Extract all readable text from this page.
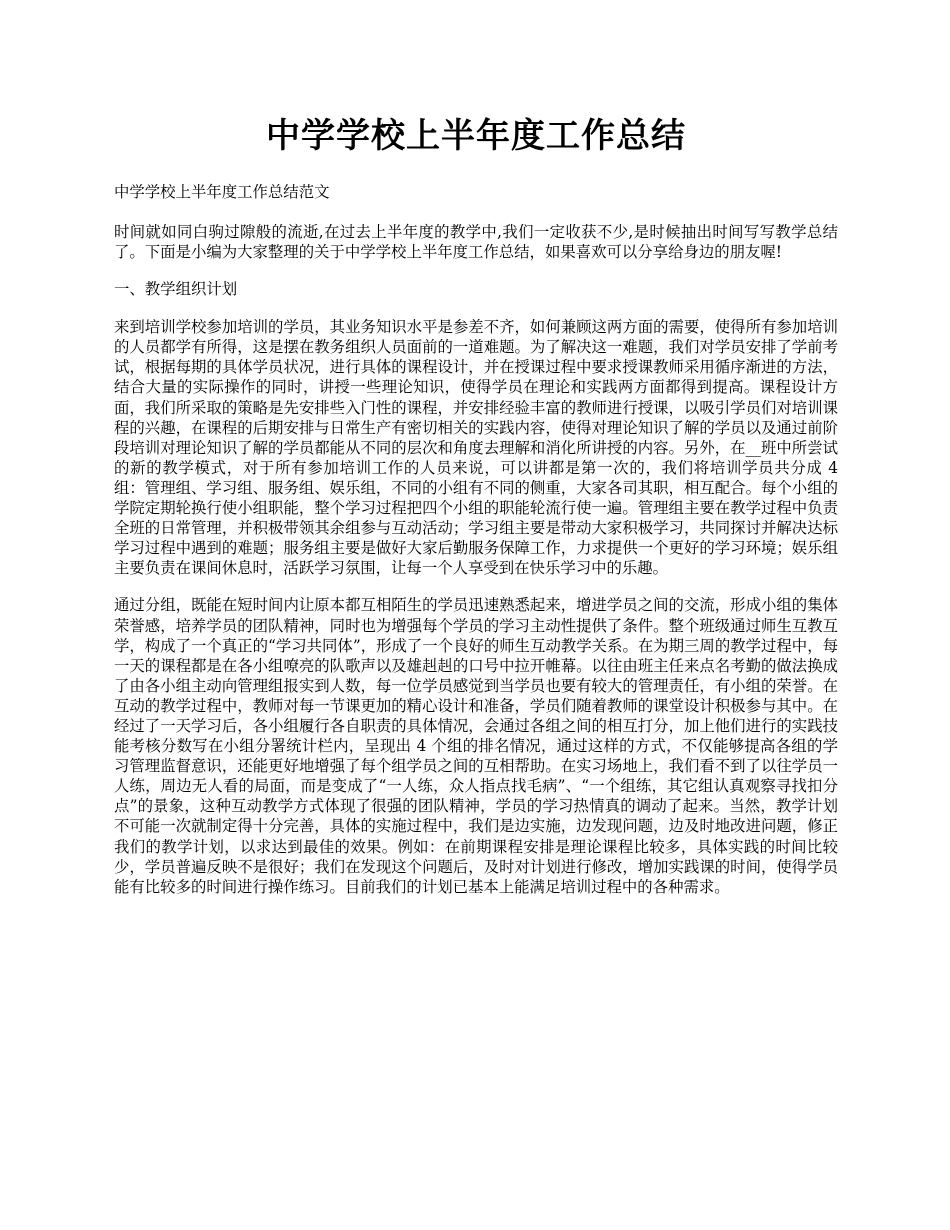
中学学校上半年度工作总结

中学学校上半年度工作总结范文

时间就如同白驹过隙般的流逝,在过去上半年度的教学中,我们一定收获不少,是时候抽出时间写写教学总结了。下面是小编为大家整理的关于中学学校上半年度工作总结，如果喜欢可以分享给身边的朋友喔!

一、教学组织计划

来到培训学校参加培训的学员，其业务知识水平是参差不齐，如何兼顾这两方面的需要，使得所有参加培训的人员都学有所得，这是摆在教务组织人员面前的一道难题。为了解决这一难题，我们对学员安排了学前考试，根据每期的具体学员状况，进行具体的课程设计，并在授课过程中要求授课教师采用循序渐进的方法，结合大量的实际操作的同时，讲授一些理论知识，使得学员在理论和实践两方面都得到提高。课程设计方面，我们所采取的策略是先安排些入门性的课程，并安排经验丰富的教师进行授课，以吸引学员们对培训课程的兴趣，在课程的后期安排与日常生产有密切相关的实践内容，使得对理论知识了解的学员以及通过前阶段培训对理论知识了解的学员都能从不同的层次和角度去理解和消化所讲授的内容。另外，在__班中所尝试的新的教学模式，对于所有参加培训工作的人员来说，可以讲都是第一次的，我们将培训学员共分成 4 组：管理组、学习组、服务组、娱乐组，不同的小组有不同的侧重，大家各司其职，相互配合。每个小组的学院定期轮换行使小组职能，整个学习过程把四个小组的职能轮流行使一遍。管理组主要在教学过程中负责全班的日常管理，并积极带领其余组参与互动活动；学习组主要是带动大家积极学习，共同探讨并解决达标学习过程中遇到的难题；服务组主要是做好大家后勤服务保障工作，力求提供一个更好的学习环境；娱乐组主要负责在课间休息时，活跃学习氛围，让每一个人享受到在快乐学习中的乐趣。

通过分组，既能在短时间内让原本都互相陌生的学员迅速熟悉起来，增进学员之间的交流，形成小组的集体荣誉感，培养学员的团队精神，同时也为增强每个学员的学习主动性提供了条件。整个班级通过师生互教互学，构成了一个真正的“学习共同体”，形成了一个良好的师生互动教学关系。在为期三周的教学过程中，每一天的课程都是在各小组嘹亮的队歌声以及雄赳赳的口号中拉开帷幕。以往由班主任来点名考勤的做法换成了由各小组主动向管理组报实到人数，每一位学员感觉到当学员也要有较大的管理责任，有小组的荣誉。在互动的教学过程中，教师对每一节课更加的精心设计和准备，学员们随着教师的课堂设计积极参与其中。在经过了一天学习后，各小组履行各自职责的具体情况，会通过各组之间的相互打分，加上他们进行的实践技能考核分数写在小组分署统计栏内，呈现出 4 个组的排名情况，通过这样的方式，不仅能够提高各组的学习管理监督意识，还能更好地增强了每个组学员之间的互相帮助。在实习场地上，我们看不到了以往学员一人练，周边无人看的局面，而是变成了“一人练，众人指点找毛病”、“一个组练，其它组认真观察寻找扣分点”的景象，这种互动教学方式体现了很强的团队精神，学员的学习热情真的调动了起来。当然，教学计划不可能一次就制定得十分完善，具体的实施过程中，我们是边实施，边发现问题，边及时地改进问题，修正我们的教学计划，以求达到最佳的效果。例如：在前期课程安排是理论课程比较多，具体实践的时间比较少，学员普遍反映不是很好；我们在发现这个问题后，及时对计划进行修改，增加实践课的时间，使得学员能有比较多的时间进行操作练习。目前我们的计划已基本上能满足培训过程中的各种需求。
